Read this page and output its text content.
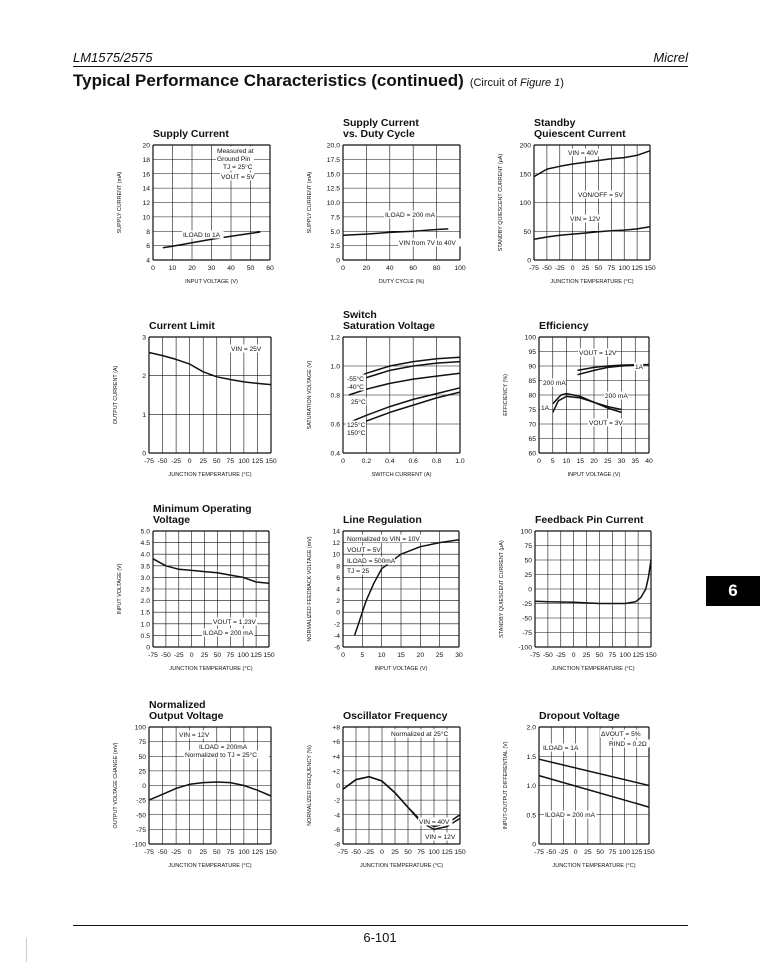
LM1575/2575	Micrel
Typical Performance Characteristics (continued) (Circuit of Figure 1)
Supply Current
0 10 20 30 40 50 60
4
6
8
10
12
14
16
18
20
INPUT VOLTAGE (V)
SUPPLY CURRENT (mA)
Measured at
Ground Pin
TJ = 25°C
VOUT = 5V
ILOAD to 1A
Supply Current
vs. Duty Cycle
0	20 40 60 80 100
0
2.5
5.0
7.5
10.0
12.5
15.0
17.5
20.0
DUTY CYCLE (%)
SUPPLY CURRENT (mA)	ILOAD = 200 mA
VIN from 7V to 40V
Standby
Quiescent Current
-75 -50 -25 0 25 50 75 100 125 150
0
50
100
150
200
JUNCTION TEMPERATURE (°C)
STANDBY QUIESCENT CURRENT (µA)
VIN = 40V
VON/OFF = 5V
VIN = 12V
Current Limit
-75 -50 -25 0 25 50 75 100 125 150
0
1
2
3
JUNCTION TEMPERATURE (°C)
OUTPUT CURRENT (A)
VIN = 25V
Switch
Saturation Voltage
0 0.2 0.4 0.6 0.8 1.0
0.4
0.6
0.8
1.0
1.2
SWITCH CURRENT (A)
SATURATION VOLTAGE (V)	-55°C
-40°C
25°C
125°C
150°C
Efficiency
0 5 10 15 20 25 30 35 40
60
65
70
75
80
85
90
95
100
INPUT VOLTAGE (V)
EFFICIENCY (%)
VOUT = 12V
1A
200 mA
200 mA
1A
VOUT = 3V
Minimum Operating
Voltage
-75 -50 -25 0 25 50 75 100 125 150
0
0.5
1.0
1.5
2.0
2.5
3.0
3.5
4.0
4.5
5.0
JUNCTION TEMPERATURE (°C)
INPUT VOLTAGE (V)
VOUT = 1.23V
ILOAD = 200 mA
Line Regulation
0 5 10 15 20 25 30
-6
-4
-2
0
2
4
6
8
10
12
14
INPUT VOLTAGE (V)
NORMALIZED FEEDBACK VOLTAGE (mV)	Normalized to VIN = 10V
VOUT = 5V
ILOAD = 500mA
TJ = 25
Feedback Pin Current
-75 -50 -25 0 25 50 75 100 125 150
-100
-75
-50
-25
0
25
50
75
100
JUNCTION TEMPERATURE (°C)
STANDBY QUIESCENT CURRENT (µA)
Normalized
Output Voltage
-75 -50 -25 0 25 50 75 100 125 150
-100
-75
-50
-25
0
25
50
75
100
JUNCTION TEMPERATURE (°C)
OUTPUT VOLTAGE CHANGE (mV)
VIN = 12V
ILOAD = 200mA
Normalized to TJ = 25°C
Oscillator Frequency
-75 -50 -25 0 25 50 75 100 125 150
-8
-6
-4
-2
0
+2
+4
+6
+8
JUNCTION TEMPERATURE (°C)
NORMALIZED FREQUENCY (%)
Normalized at 25°C
VIN = 40V
VIN = 12V
Dropout Voltage
-75 -50 -25 0 25 50 75 100 125 150
0
0.5
1.0
1.5
2.0
JUNCTION TEMPERATURE (°C)
INPUT-OUTPUT DIFFERENTIAL (V)
ΔVOUT = 5%
RIND = 0.2Ω
ILOAD = 1A
ILOAD = 200 mA
6
6-101
